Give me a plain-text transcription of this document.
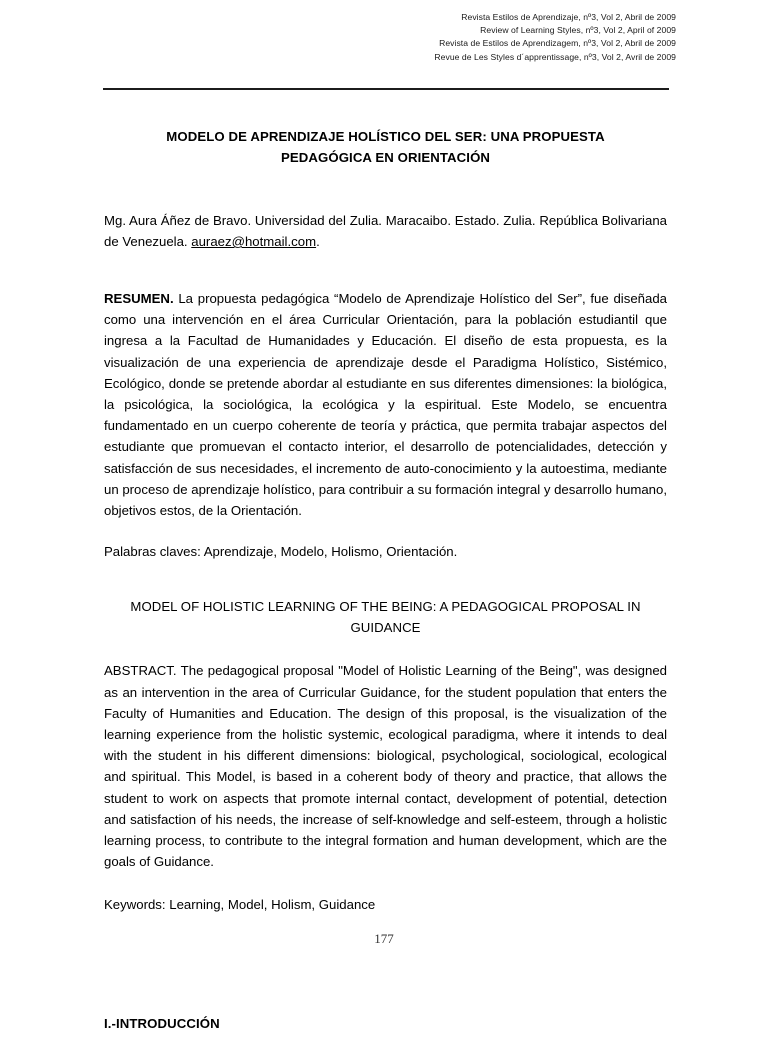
Revista Estilos de Aprendizaje, nº3, Vol 2, Abril de 2009
Review of Learning Styles, nº3, Vol 2, April of 2009
Revista de Estilos de Aprendizagem, nº3, Vol 2, Abril de 2009
Revue de Les Styles d´apprentissage, nº3, Vol 2, Avril de 2009
MODELO DE APRENDIZAJE HOLÍSTICO DEL SER: UNA PROPUESTA PEDAGÓGICA EN ORIENTACIÓN

Mg. Aura Áñez de Bravo. Universidad del Zulia. Maracaibo. Estado. Zulia. República Bolivariana de Venezuela. auraez@hotmail.com.

RESUMEN. La propuesta pedagógica “Modelo de Aprendizaje Holístico del Ser”, fue diseñada como una intervención en el área Curricular Orientación, para la población estudiantil que ingresa a la Facultad de Humanidades y Educación. El diseño de esta propuesta, es la visualización de una experiencia de aprendizaje desde el Paradigma Holístico, Sistémico, Ecológico, donde se pretende abordar al estudiante en sus diferentes dimensiones: la biológica, la psicológica, la sociológica, la ecológica y la espiritual. Este Modelo, se encuentra fundamentado en un cuerpo coherente de teoría y práctica, que permita trabajar aspectos del estudiante que promuevan el contacto interior, el desarrollo de potencialidades, detección y satisfacción de sus necesidades, el incremento de auto-conocimiento y la autoestima, mediante un proceso de aprendizaje holístico, para contribuir a su formación integral y desarrollo humano, objetivos estos, de la Orientación.

Palabras claves: Aprendizaje, Modelo, Holismo, Orientación.

MODEL OF HOLISTIC LEARNING OF THE BEING: A PEDAGOGICAL PROPOSAL IN GUIDANCE

ABSTRACT. The pedagogical proposal "Model of Holistic Learning of the Being", was designed as an intervention in the area of Curricular Guidance, for the student population that enters the Faculty of Humanities and Education. The design of this proposal, is the visualization of the learning experience from the holistic systemic, ecological paradigma, where it intends to deal with the student in his different dimensions: biological, psychological, sociological, ecological and spiritual. This Model, is based in a coherent body of theory and practice, that allows the student to work on aspects that promote internal contact, development of potential, detection and satisfaction of his needs, the increase of self-knowledge and self-esteem, through a holistic learning process, to contribute to the integral formation and human development, which are the goals of Guidance.

Keywords: Learning, Model, Holism, Guidance

I.-INTRODUCCIÓN
177
